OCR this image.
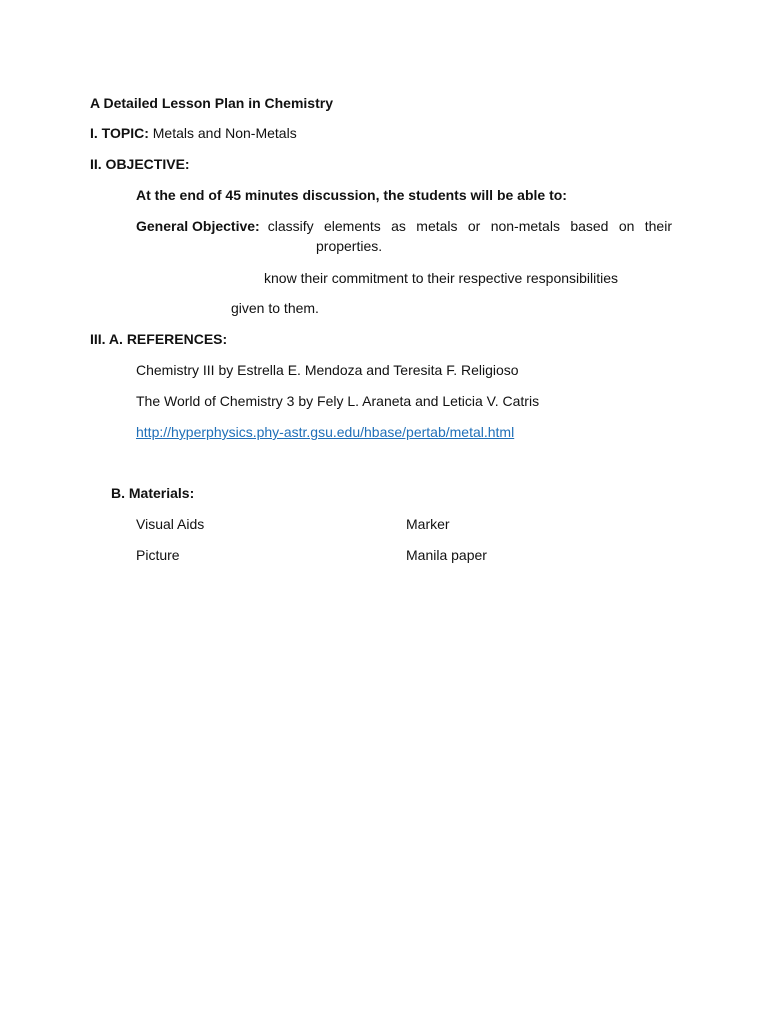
A Detailed Lesson Plan in Chemistry
I. TOPIC: Metals and Non-Metals
II. OBJECTIVE:
At the end of 45 minutes discussion, the students will be able to:
General Objective: classify elements as metals or non-metals based on their
properties.
know their commitment to their respective responsibilities
given to them.
III. A. REFERENCES:
Chemistry III by Estrella E. Mendoza and Teresita F. Religioso
The World of Chemistry 3 by Fely L. Araneta and Leticia V. Catris
http://hyperphysics.phy-astr.gsu.edu/hbase/pertab/metal.html
B. Materials:
Visual Aids	Marker
Picture	Manila paper
